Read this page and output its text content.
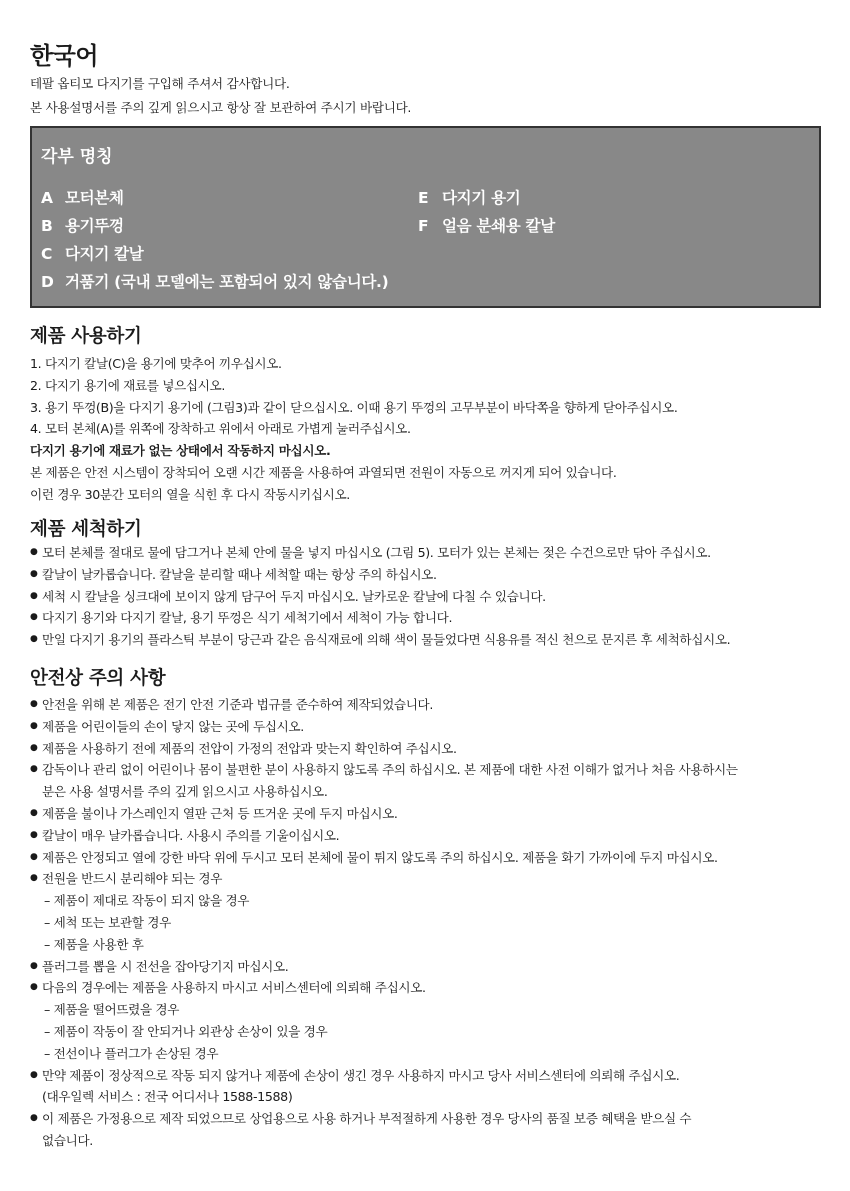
한국어
테팔 옵티모 다지기를 구입해 주셔서 감사합니다.
본 사용설명서를 주의 깊게 읽으시고 항상 잘 보관하여 주시기 바랍니다.
각부 명칭
A 모터본체
B 용기뚜껑
C 다지기 칼날
D 거품기 (국내 모델에는 포함되어 있지 않습니다.)
E 다지기 용기
F 얼음 분쇄용 칼날
제품 사용하기
1. 다지기 칼날(C)을 용기에 맞추어 끼우십시오.
2. 다지기 용기에 재료를 넣으십시오.
3. 용기 뚜껑(B)을 다지기 용기에 (그림3)과 같이 닫으십시오. 이때 용기 뚜껑의 고무부분이 바닥쪽을 향하게 닫아주십시오.
4. 모터 본체(A)를 위쪽에 장착하고 위에서 아래로 가볍게 눌러주십시오.
다지기 용기에 재료가 없는 상태에서 작동하지 마십시오.
본 제품은 안전 시스템이 장착되어 오랜 시간 제품을 사용하여 과열되면 전원이 자동으로 꺼지게 되어 있습니다.
이런 경우 30분간 모터의 열을 식힌 후 다시 작동시키십시오.
제품 세척하기
● 모터 본체를 절대로 물에 담그거나 본체 안에 물을 넣지 마십시오 (그림 5). 모터가 있는 본체는 젖은 수건으로만 닦아 주십시오.
● 칼날이 날카롭습니다. 칼날을 분리할 때나 세척할 때는 항상 주의 하십시오.
● 세척 시 칼날을 싱크대에 보이지 않게 담구어 두지 마십시오. 날카로운 칼날에 다칠 수 있습니다.
● 다지기 용기와 다지기 칼날, 용기 뚜껑은 식기 세척기에서 세척이 가능 합니다.
● 만일 다지기 용기의 플라스틱 부분이 당근과 같은 음식재료에 의해 색이 물들었다면 식용유를 적신 천으로 문지른 후 세척하십시오.
안전상 주의 사항
● 안전을 위해 본 제품은 전기 안전 기준과 법규를 준수하여 제작되었습니다.
● 제품을 어린이들의 손이 닿지 않는 곳에 두십시오.
● 제품을 사용하기 전에 제품의 전압이 가정의 전압과 맞는지 확인하여 주십시오.
● 감독이나 관리 없이 어린이나 몸이 불편한 분이 사용하지 않도록 주의 하십시오. 본 제품에 대한 사전 이해가 없거나 처음 사용하시는
분은 사용 설명서를 주의 깊게 읽으시고 사용하십시오.
● 제품을 불이나 가스레인지 열판 근처 등 뜨거운 곳에 두지 마십시오.
● 칼날이 매우 날카롭습니다. 사용시 주의를 기울이십시오.
● 제품은 안정되고 열에 강한 바닥 위에 두시고 모터 본체에 물이 튀지 않도록 주의 하십시오. 제품을 화기 가까이에 두지 마십시오.
● 전원을 반드시 분리해야 되는 경우
– 제품이 제대로 작동이 되지 않을 경우
– 세척 또는 보관할 경우
– 제품을 사용한 후
● 플러그를 뽑을 시 전선을 잡아당기지 마십시오.
● 다음의 경우에는 제품을 사용하지 마시고 서비스센터에 의뢰해 주십시오.
– 제품을 떨어뜨렸을 경우
– 제품이 작동이 잘 안되거나 외관상 손상이 있을 경우
– 전선이나 플러그가 손상된 경우
● 만약 제품이 정상적으로 작동 되지 않거나 제품에 손상이 생긴 경우 사용하지 마시고 당사 서비스센터에 의뢰해 주십시오.
(대우일렉 서비스 : 전국 어디서나 1588-1588)
● 이 제품은 가정용으로 제작 되었으므로 상업용으로 사용 하거나 부적절하게 사용한 경우 당사의 품질 보증 혜택을 받으실 수
없습니다.
